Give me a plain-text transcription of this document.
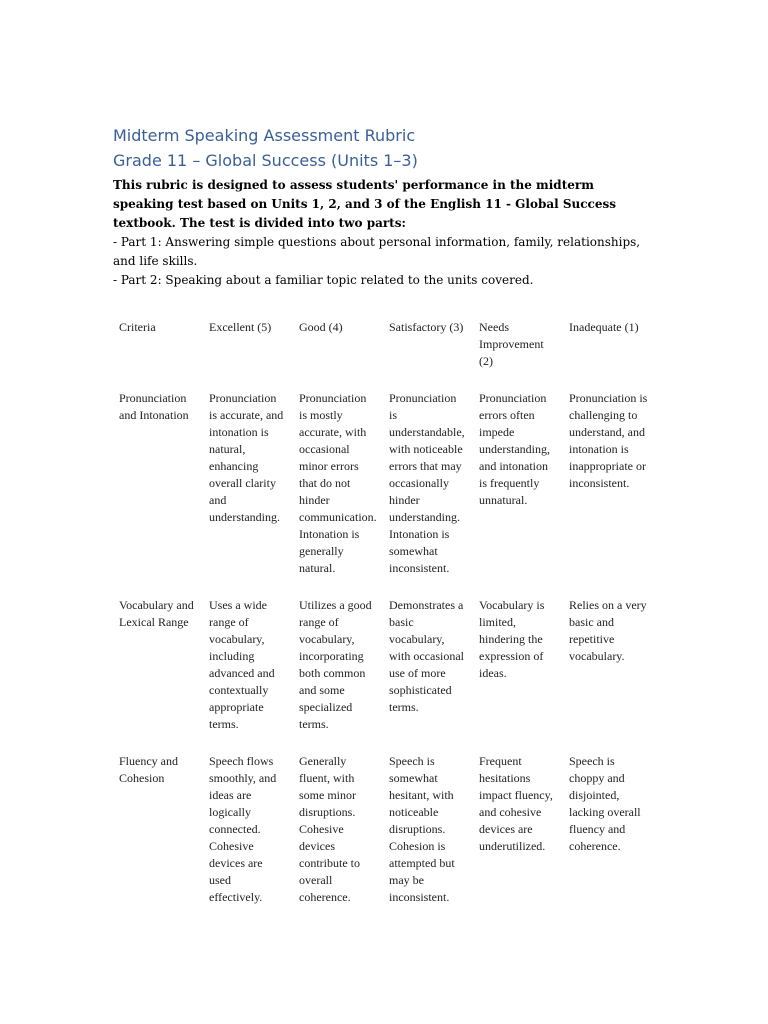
Midterm Speaking Assessment Rubric
Grade 11 – Global Success (Units 1–3)

This rubric is designed to assess students' performance in the midterm speaking test based on Units 1, 2, and 3 of the English 11 - Global Success textbook. The test is divided into two parts:

- Part 1: Answering simple questions about personal information, family, relationships, and life skills.

- Part 2: Speaking about a familiar topic related to the units covered.

Criteria	Excellent (5)	Good (4)	Satisfactory (3)	Needs Improvement (2)	Inadequate (1)
Pronunciation and Intonation	Pronunciation is accurate, and intonation is natural, enhancing overall clarity and understanding.	Pronunciation is mostly accurate, with occasional minor errors that do not hinder communication. Intonation is generally natural.	Pronunciation is understandable, with noticeable errors that may occasionally hinder understanding. Intonation is somewhat inconsistent.	Pronunciation errors often impede understanding, and intonation is frequently unnatural.	Pronunciation is challenging to understand, and intonation is inappropriate or inconsistent.
Vocabulary and Lexical Range	Uses a wide range of vocabulary, including advanced and contextually appropriate terms.	Utilizes a good range of vocabulary, incorporating both common and some specialized terms.	Demonstrates a basic vocabulary, with occasional use of more sophisticated terms.	Vocabulary is limited, hindering the expression of ideas.	Relies on a very basic and repetitive vocabulary.
Fluency and Cohesion	Speech flows smoothly, and ideas are logically connected. Cohesive devices are used effectively.	Generally fluent, with some minor disruptions. Cohesive devices contribute to overall coherence.	Speech is somewhat hesitant, with noticeable disruptions. Cohesion is attempted but may be inconsistent.	Frequent hesitations impact fluency, and cohesive devices are underutilized.	Speech is choppy and disjointed, lacking overall fluency and coherence.
